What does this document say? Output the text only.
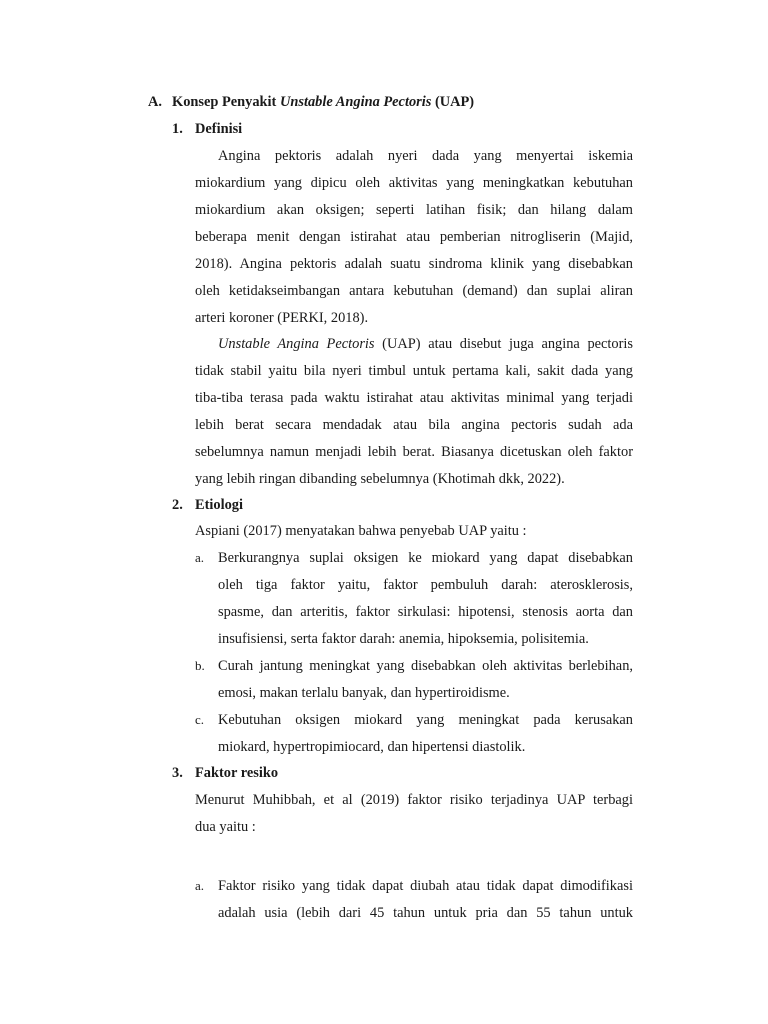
A. Konsep Penyakit Unstable Angina Pectoris (UAP)
1. Definisi
Angina pektoris adalah nyeri dada yang menyertai iskemia
miokardium yang dipicu oleh aktivitas yang meningkatkan kebutuhan
miokardium akan oksigen; seperti latihan fisik; dan hilang dalam
beberapa menit dengan istirahat atau pemberian nitrogliserin (Majid,
2018). Angina pektoris adalah suatu sindroma klinik yang disebabkan
oleh ketidakseimbangan antara kebutuhan (demand) dan suplai aliran
arteri koroner (PERKI, 2018).
Unstable Angina Pectoris (UAP) atau disebut juga angina pectoris
tidak stabil yaitu bila nyeri timbul untuk pertama kali, sakit dada yang
tiba-tiba terasa pada waktu istirahat atau aktivitas minimal yang terjadi
lebih berat secara mendadak atau bila angina pectoris sudah ada
sebelumnya namun menjadi lebih berat. Biasanya dicetuskan oleh faktor
yang lebih ringan dibanding sebelumnya (Khotimah dkk, 2022).
2. Etiologi
Aspiani (2017) menyatakan bahwa penyebab UAP yaitu :
a. Berkurangnya suplai oksigen ke miokard yang dapat disebabkan
oleh tiga faktor yaitu, faktor pembuluh darah: aterosklerosis,
spasme, dan arteritis, faktor sirkulasi: hipotensi, stenosis aorta dan
insufisiensi, serta faktor darah: anemia, hipoksemia, polisitemia.
b. Curah jantung meningkat yang disebabkan oleh aktivitas berlebihan,
emosi, makan terlalu banyak, dan hypertiroidisme.
c. Kebutuhan oksigen miokard yang meningkat pada kerusakan
miokard, hypertropimiocard, dan hipertensi diastolik.
3. Faktor resiko
Menurut Muhibbah, et al (2019) faktor risiko terjadinya UAP terbagi
dua yaitu :
a. Faktor risiko yang tidak dapat diubah atau tidak dapat dimodifikasi
adalah usia (lebih dari 45 tahun untuk pria dan 55 tahun untuk
